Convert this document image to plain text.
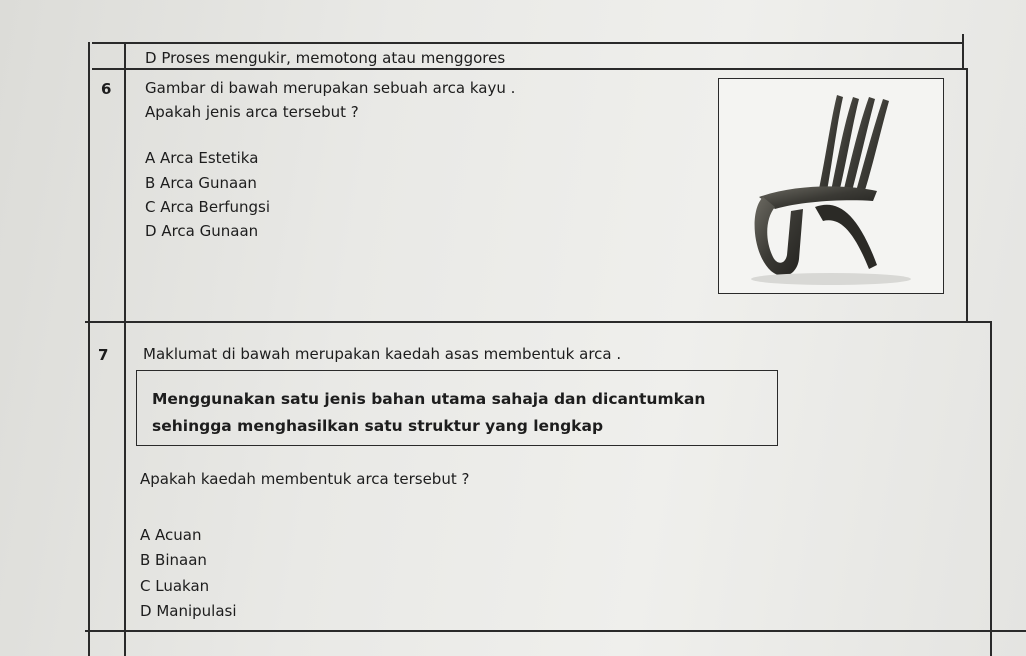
D Proses mengukir, memotong atau menggores
6 Gambar di bawah merupakan sebuah arca kayu .
Apakah jenis arca tersebut ?
A Arca Estetika
B Arca Gunaan
C Arca Berfungsi
D Arca Gunaan
7 Maklumat di bawah merupakan kaedah asas membentuk arca .
Menggunakan satu jenis bahan utama sahaja dan dicantumkan
sehingga menghasilkan satu struktur yang lengkap
Apakah kaedah membentuk arca tersebut ?
A Acuan
B Binaan
C Luakan
D Manipulasi
